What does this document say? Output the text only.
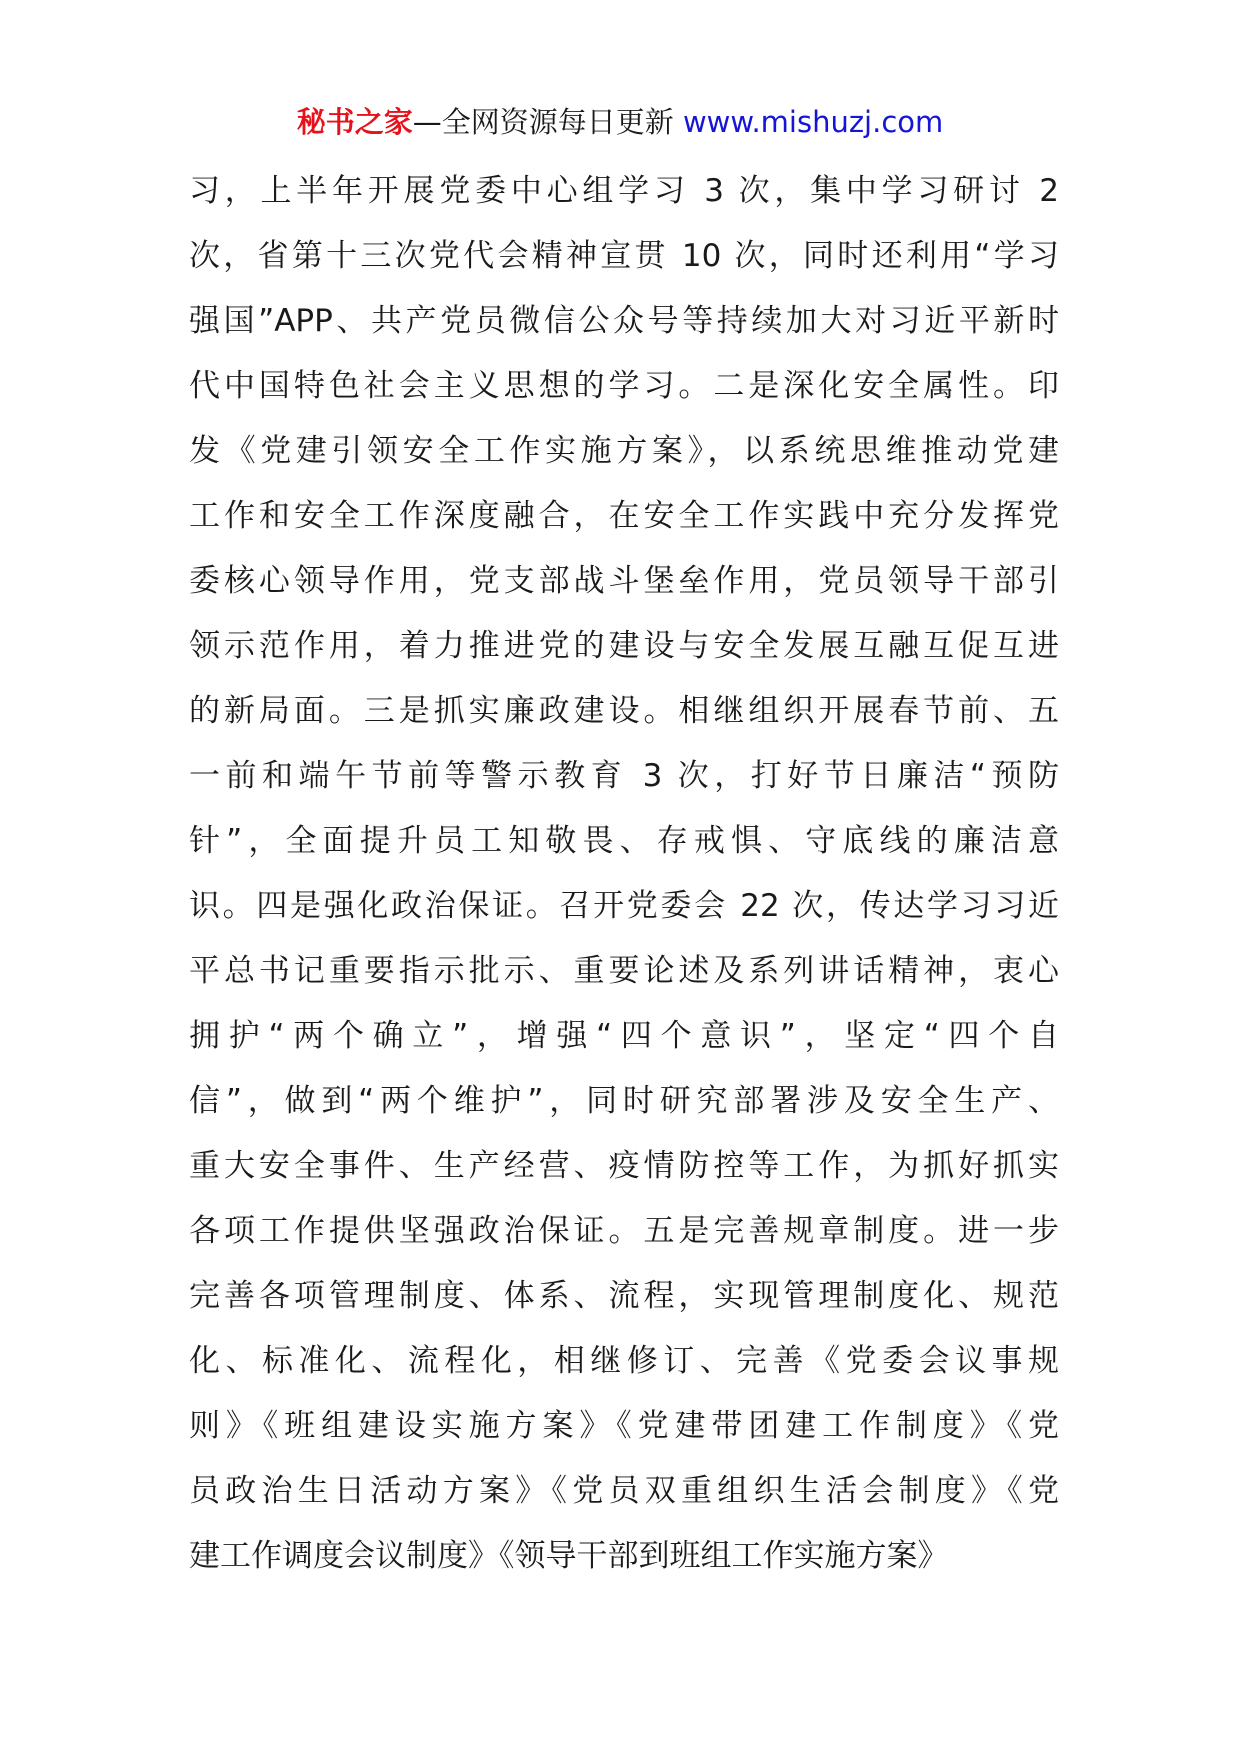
秘书之家—全网资源每日更新 www.mishuzj.com
习，上半年开展党委中心组学习 3 次，集中学习研讨 2
次，省第十三次党代会精神宣贯 10 次，同时还利用“学习
强国”APP、共产党员微信公众号等持续加大对习近平新时
代中国特色社会主义思想的学习。二是深化安全属性。印
发《党建引领安全工作实施方案》，以系统思维推动党建
工作和安全工作深度融合，在安全工作实践中充分发挥党
委核心领导作用，党支部战斗堡垒作用，党员领导干部引
领示范作用，着力推进党的建设与安全发展互融互促互进
的新局面。三是抓实廉政建设。相继组织开展春节前、五
一前和端午节前等警示教育 3 次，打好节日廉洁“预防
针”，全面提升员工知敬畏、存戒惧、守底线的廉洁意
识。四是强化政治保证。召开党委会 22 次，传达学习习近
平总书记重要指示批示、重要论述及系列讲话精神，衷心
拥护“两个确立”，增强“四个意识”，坚定“四个自
信”，做到“两个维护”，同时研究部署涉及安全生产、
重大安全事件、生产经营、疫情防控等工作，为抓好抓实
各项工作提供坚强政治保证。五是完善规章制度。进一步
完善各项管理制度、体系、流程，实现管理制度化、规范
化、标准化、流程化，相继修订、完善《党委会议事规
则》《班组建设实施方案》《党建带团建工作制度》《党
员政治生日活动方案》《党员双重组织生活会制度》《党
建工作调度会议制度》《领导干部到班组工作实施方案》
